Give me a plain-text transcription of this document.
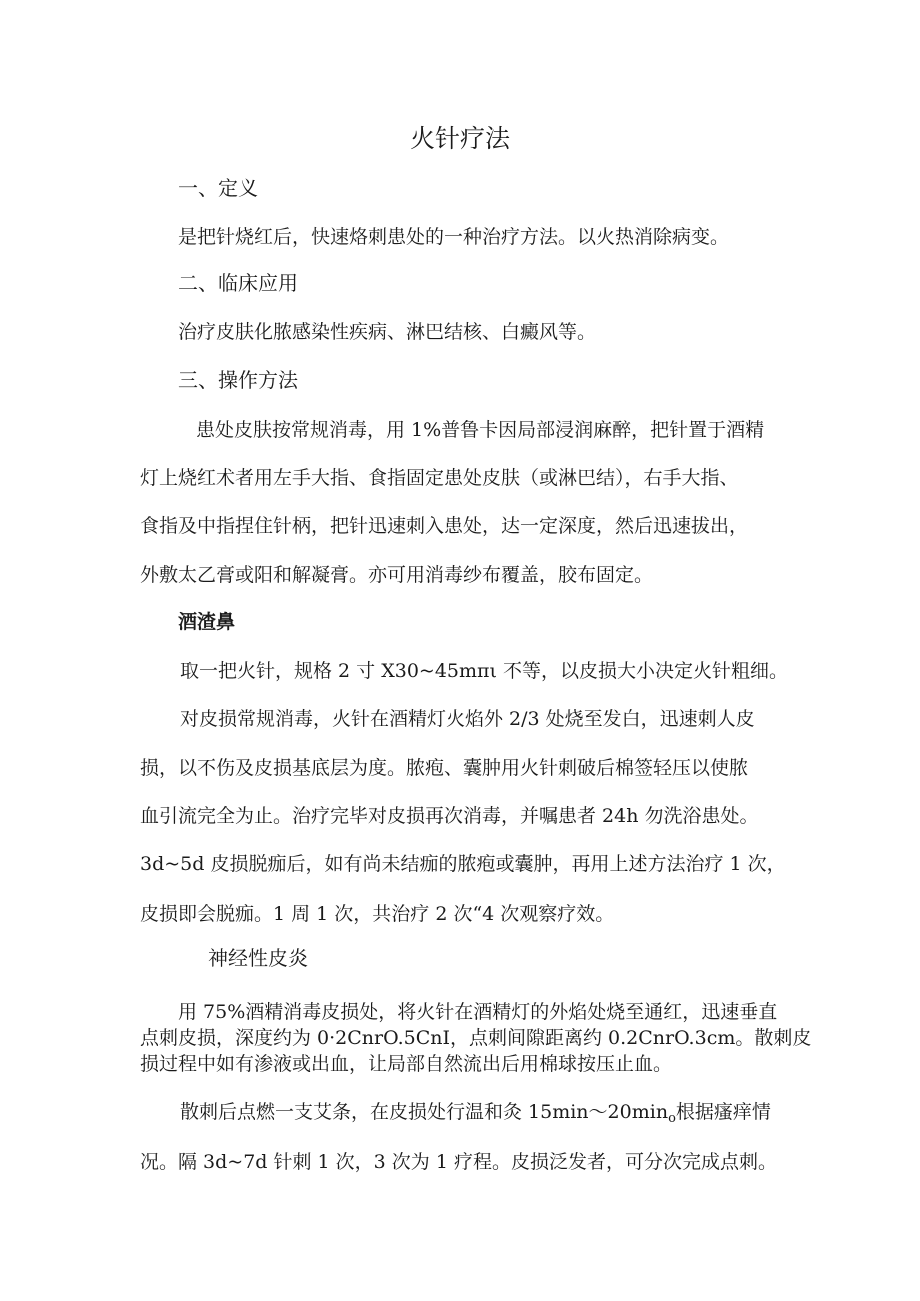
火针疗法

一、定义

是把针烧红后，快速烙刺患处的一种治疗方法。以火热消除病变。

二、临床应用

治疗皮肤化脓感染性疾病、淋巴结核、白癜风等。

三、操作方法

患处皮肤按常规消毒，用 1%普鲁卡因局部浸润麻醉，把针置于酒精

灯上烧红术者用左手大指、食指固定患处皮肤（或淋巴结），右手大指、

食指及中指捏住针柄，把针迅速刺入患处，达一定深度，然后迅速拔出，

外敷太乙膏或阳和解凝膏。亦可用消毒纱布覆盖，胶布固定。

酒渣鼻

取一把火针，规格 2 寸 X30~45mπι 不等，以皮损大小决定火针粗细。

对皮损常规消毒，火针在酒精灯火焰外 2/3 处烧至发白，迅速刺人皮

损，以不伤及皮损基底层为度。脓疱、囊肿用火针刺破后棉签轻压以使脓

血引流完全为止。治疗完毕对皮损再次消毒，并嘱患者 24h 勿洗浴患处。

3d~5d 皮损脱痂后，如有尚未结痂的脓疱或囊肿，再用上述方法治疗 1 次，

皮损即会脱痂。1 周 1 次，共治疗 2 次“4 次观察疗效。

神经性皮炎

用 75%酒精消毒皮损处，将火针在酒精灯的外焰处烧至通红，迅速垂直

点刺皮损，深度约为 0·2CnrO.5CnI，点刺间隙距离约 0.2CnrO.3cm。散刺皮

损过程中如有渗液或出血，让局部自然流出后用棉球按压止血。

散刺后点燃一支艾条，在皮损处行温和灸 $15\min\sim 20\min_o$根据瘙痒情

况。隔 3d~7d 针刺 1 次，3 次为 1 疗程。皮损泛发者，可分次完成点刺。
